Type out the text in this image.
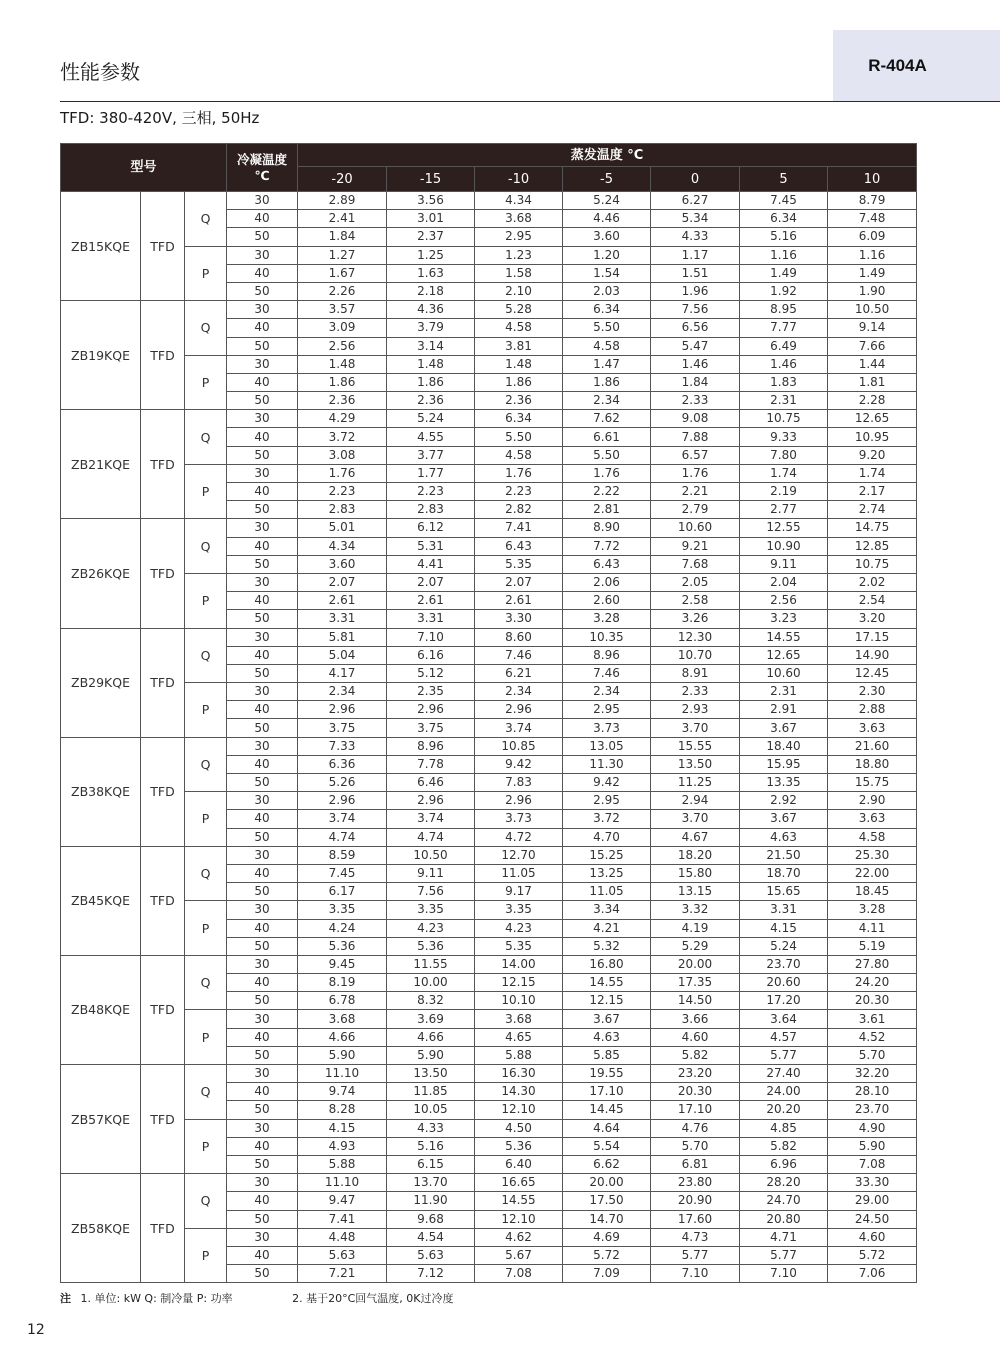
性能参数	R-404A
TFD: 380-420V, 三相, 50Hz
型号			冷凝温度
℃	蒸发温度 °C						
				-20	-15	-10	-5	0	5	10
ZB15KQE	TFD	Q	30	2.89	3.56	4.34	5.24	6.27	7.45	8.79
			40	2.41	3.01	3.68	4.46	5.34	6.34	7.48
			50	1.84	2.37	2.95	3.60	4.33	5.16	6.09
		P	30	1.27	1.25	1.23	1.20	1.17	1.16	1.16
			40	1.67	1.63	1.58	1.54	1.51	1.49	1.49
			50	2.26	2.18	2.10	2.03	1.96	1.92	1.90
ZB19KQE	TFD	Q	30	3.57	4.36	5.28	6.34	7.56	8.95	10.50
			40	3.09	3.79	4.58	5.50	6.56	7.77	9.14
			50	2.56	3.14	3.81	4.58	5.47	6.49	7.66
		P	30	1.48	1.48	1.48	1.47	1.46	1.46	1.44
			40	1.86	1.86	1.86	1.86	1.84	1.83	1.81
			50	2.36	2.36	2.36	2.34	2.33	2.31	2.28
ZB21KQE	TFD	Q	30	4.29	5.24	6.34	7.62	9.08	10.75	12.65
			40	3.72	4.55	5.50	6.61	7.88	9.33	10.95
			50	3.08	3.77	4.58	5.50	6.57	7.80	9.20
		P	30	1.76	1.77	1.76	1.76	1.76	1.74	1.74
			40	2.23	2.23	2.23	2.22	2.21	2.19	2.17
			50	2.83	2.83	2.82	2.81	2.79	2.77	2.74
ZB26KQE	TFD	Q	30	5.01	6.12	7.41	8.90	10.60	12.55	14.75
			40	4.34	5.31	6.43	7.72	9.21	10.90	12.85
			50	3.60	4.41	5.35	6.43	7.68	9.11	10.75
		P	30	2.07	2.07	2.07	2.06	2.05	2.04	2.02
			40	2.61	2.61	2.61	2.60	2.58	2.56	2.54
			50	3.31	3.31	3.30	3.28	3.26	3.23	3.20
ZB29KQE	TFD	Q	30	5.81	7.10	8.60	10.35	12.30	14.55	17.15
			40	5.04	6.16	7.46	8.96	10.70	12.65	14.90
			50	4.17	5.12	6.21	7.46	8.91	10.60	12.45
		P	30	2.34	2.35	2.34	2.34	2.33	2.31	2.30
			40	2.96	2.96	2.96	2.95	2.93	2.91	2.88
			50	3.75	3.75	3.74	3.73	3.70	3.67	3.63
ZB38KQE	TFD	Q	30	7.33	8.96	10.85	13.05	15.55	18.40	21.60
			40	6.36	7.78	9.42	11.30	13.50	15.95	18.80
			50	5.26	6.46	7.83	9.42	11.25	13.35	15.75
		P	30	2.96	2.96	2.96	2.95	2.94	2.92	2.90
			40	3.74	3.74	3.73	3.72	3.70	3.67	3.63
			50	4.74	4.74	4.72	4.70	4.67	4.63	4.58
ZB45KQE	TFD	Q	30	8.59	10.50	12.70	15.25	18.20	21.50	25.30
			40	7.45	9.11	11.05	13.25	15.80	18.70	22.00
			50	6.17	7.56	9.17	11.05	13.15	15.65	18.45
		P	30	3.35	3.35	3.35	3.34	3.32	3.31	3.28
			40	4.24	4.23	4.23	4.21	4.19	4.15	4.11
			50	5.36	5.36	5.35	5.32	5.29	5.24	5.19
ZB48KQE	TFD	Q	30	9.45	11.55	14.00	16.80	20.00	23.70	27.80
			40	8.19	10.00	12.15	14.55	17.35	20.60	24.20
			50	6.78	8.32	10.10	12.15	14.50	17.20	20.30
		P	30	3.68	3.69	3.68	3.67	3.66	3.64	3.61
			40	4.66	4.66	4.65	4.63	4.60	4.57	4.52
			50	5.90	5.90	5.88	5.85	5.82	5.77	5.70
ZB57KQE	TFD	Q	30	11.10	13.50	16.30	19.55	23.20	27.40	32.20
			40	9.74	11.85	14.30	17.10	20.30	24.00	28.10
			50	8.28	10.05	12.10	14.45	17.10	20.20	23.70
		P	30	4.15	4.33	4.50	4.64	4.76	4.85	4.90
			40	4.93	5.16	5.36	5.54	5.70	5.82	5.90
			50	5.88	6.15	6.40	6.62	6.81	6.96	7.08
ZB58KQE	TFD	Q	30	11.10	13.70	16.65	20.00	23.80	28.20	33.30
			40	9.47	11.90	14.55	17.50	20.90	24.70	29.00
			50	7.41	9.68	12.10	14.70	17.60	20.80	24.50
		P	30	4.48	4.54	4.62	4.69	4.73	4.71	4.60
			40	5.63	5.63	5.67	5.72	5.77	5.77	5.72
			50	7.21	7.12	7.08	7.09	7.10	7.10	7.06
注 1. 单位: kW Q: 制冷量 P: 功率	2. 基于20°C回气温度, 0K过冷度
12
